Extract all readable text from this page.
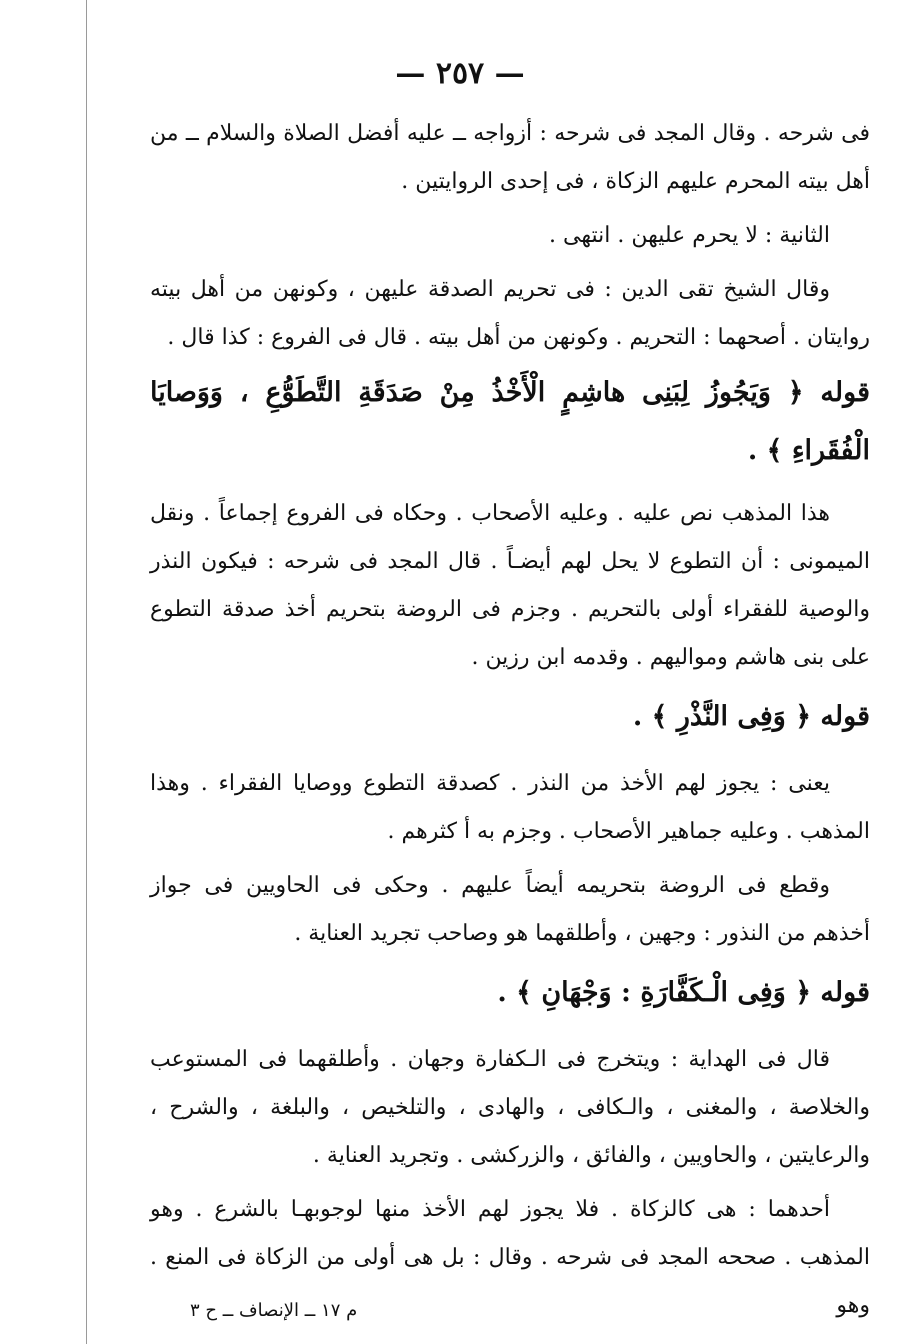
— ٢٥٧ —

فى شرحه . وقال المجد فى شرحه : أزواجه ــ عليه أفضل الصلاة والسلام ــ من أهل بيته المحرم عليهم الزكاة ، فى إحدى الروايتين .

الثانية : لا يحرم عليهن . انتهى .

وقال الشيخ تقى الدين : فى تحريم الصدقة عليهن ، وكونهن من أهل بيته روايتان . أصحهما : التحريم . وكونهن من أهل بيته . قال فى الفروع : كذا قال .

قوله ﴿ وَيَجُوزُ لِبَنِى هاشِمٍ الْأَخْذُ مِنْ صَدَقَةِ التَّطَوُّعِ ، وَوَصايَا الْفُقَراءِ ﴾ .

هذا المذهب نص عليه . وعليه الأصحاب . وحكاه فى الفروع إجماعاً . ونقل الميمونى : أن التطوع لا يحل لهم أيضـاً . قال المجد فى شرحه : فيكون النذر والوصية للفقراء أولى بالتحريم . وجزم فى الروضة بتحريم أخذ صدقة التطوع على بنى هاشم ومواليهم . وقدمه ابن رزين .

قوله ﴿ وَفِى النَّذْرِ ﴾ .

يعنى : يجوز لهم الأخذ من النذر . كصدقة التطوع ووصايا الفقراء . وهذا المذهب . وعليه جماهير الأصحاب . وجزم به أ كثرهم .

وقطع فى الروضة بتحريمه أيضاً عليهم . وحكى فى الحاويين فى جواز أخذهم من النذور : وجهين ، وأطلقهما هو وصاحب تجريد العناية .

قوله ﴿ وَفِى الْـكَفَّارَةِ : وَجْهَانِ ﴾ .

قال فى الهداية : ويتخرج فى الـكفارة وجهان . وأطلقهما فى المستوعب والخلاصة ، والمغنى ، والـكافى ، والهادى ، والتلخيص ، والبلغة ، والشرح ، والرعايتين ، والحاويين ، والفائق ، والزركشى . وتجريد العناية .

أحدهما : هى كالزكاة . فلا يجوز لهم الأخذ منها لوجوبهـا بالشرع . وهو المذهب . صححه المجد فى شرحه . وقال : بل هى أولى من الزكاة فى المنع . وهو

م ١٧ ــ الإنصاف ــ ح ٣
